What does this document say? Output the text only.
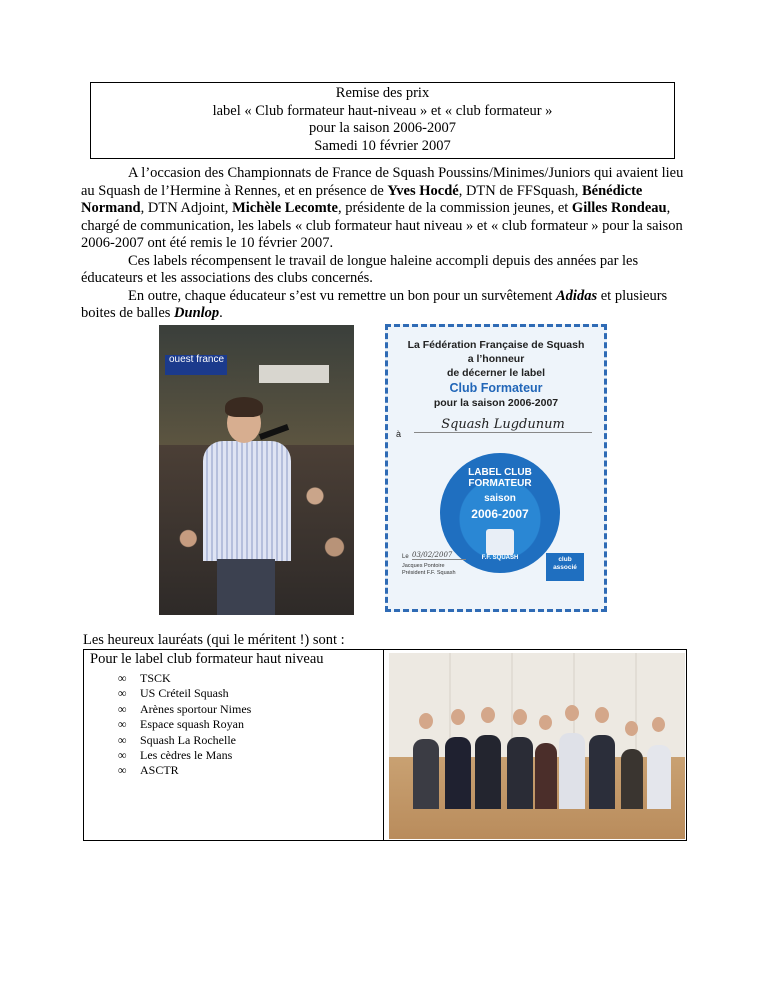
Remise des prix
label « Club formateur haut-niveau » et « club formateur »
pour la saison 2006-2007
Samedi 10 février 2007

A l’occasion des Championnats de France de Squash Poussins/Minimes/Juniors qui avaient lieu au Squash de l’Hermine à Rennes, et en présence de Yves Hocdé, DTN de FFSquash, Bénédicte Normand, DTN Adjoint, Michèle Lecomte, présidente de la commission jeunes, et Gilles Rondeau, chargé de communication, les labels « club formateur haut niveau » et « club formateur » pour la saison 2006-2007 ont été remis le 10 février 2007.

Ces labels récompensent le travail de longue haleine accompli depuis des années par les éducateurs et les associations des clubs concernés.

En outre, chaque éducateur s’est vu remettre un bon pour un survêtement Adidas et plusieurs boites de balles Dunlop.

ouest france
La Fédération Française de Squash
a l’honneur
de décerner le label
Club Formateur
pour la saison 2006-2007
à
Squash Lugdunum
LABEL CLUB FORMATEUR
saison
2006-2007
F.F. SQUASH
Le 03/02/2007
Jacques Pontoire
Président F.F. Squash
club associé
Les heureux lauréats (qui le méritent !) sont :
Pour le label club formateur haut niveau
∞ TSCK
∞ US Créteil Squash
∞ Arènes sportour Nimes
∞ Espace squash Royan
∞ Squash La Rochelle
∞ Les cèdres le Mans
∞ ASCTR
